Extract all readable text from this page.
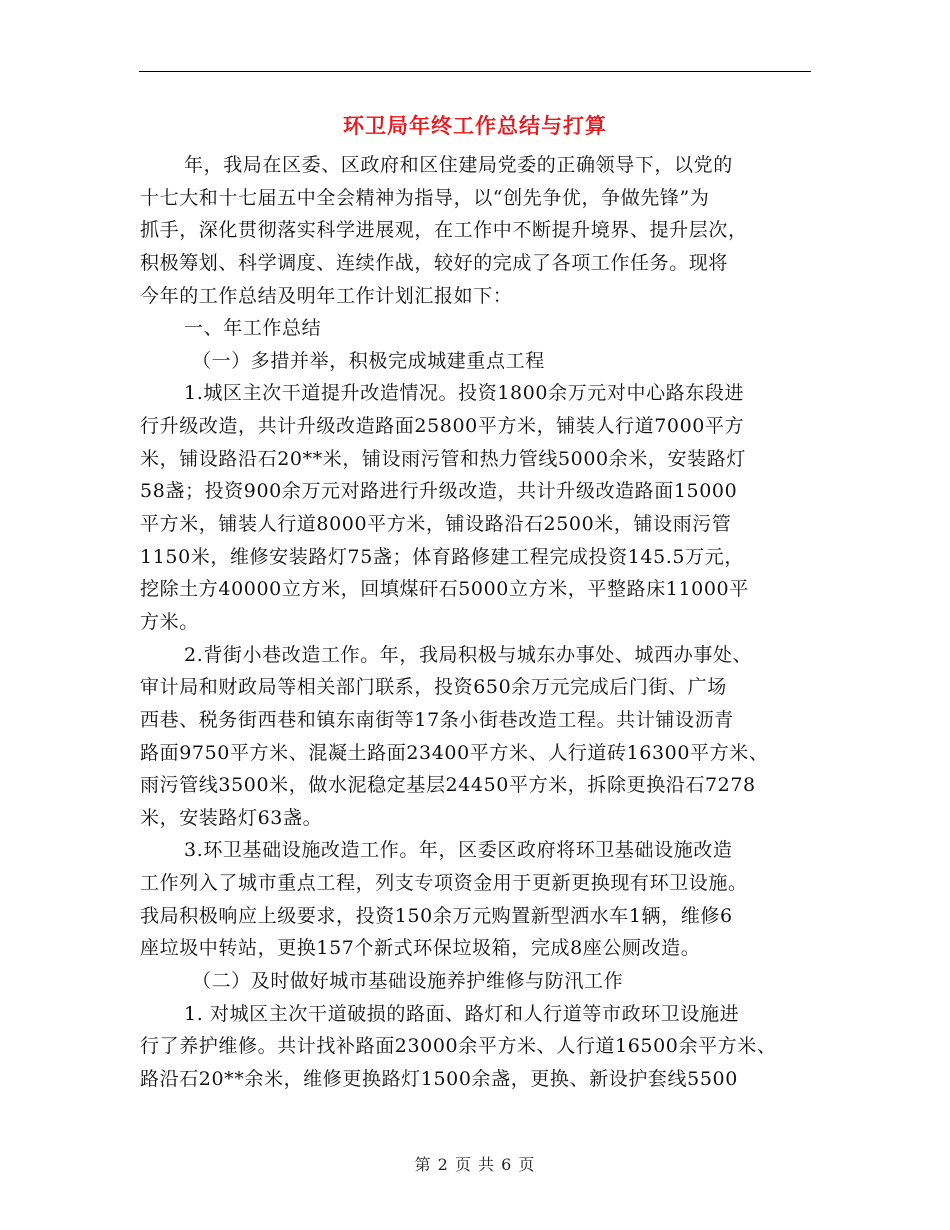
环卫局年终工作总结与打算
年，我局在区委、区政府和区住建局党委的正确领导下，以党的
十七大和十七届五中全会精神为指导，以“创先争优，争做先锋”为
抓手，深化贯彻落实科学进展观，在工作中不断提升境界、提升层次，
积极筹划、科学调度、连续作战，较好的完成了各项工作任务。现将
今年的工作总结及明年工作计划汇报如下：
一、年工作总结
（一）多措并举，积极完成城建重点工程
1.城区主次干道提升改造情况。投资1800余万元对中心路东段进
行升级改造，共计升级改造路面25800平方米，铺装人行道7000平方
米，铺设路沿石20**米，铺设雨污管和热力管线5000余米，安装路灯
58盏；投资900余万元对路进行升级改造，共计升级改造路面15000
平方米，铺装人行道8000平方米，铺设路沿石2500米，铺设雨污管
1150米，维修安装路灯75盏；体育路修建工程完成投资145.5万元，
挖除土方40000立方米，回填煤矸石5000立方米，平整路床11000平
方米。
2.背街小巷改造工作。年，我局积极与城东办事处、城西办事处、
审计局和财政局等相关部门联系，投资650余万元完成后门街、广场
西巷、税务街西巷和镇东南街等17条小街巷改造工程。共计铺设沥青
路面9750平方米、混凝土路面23400平方米、人行道砖16300平方米、
雨污管线3500米，做水泥稳定基层24450平方米，拆除更换沿石7278
米，安装路灯63盏。
3.环卫基础设施改造工作。年，区委区政府将环卫基础设施改造
工作列入了城市重点工程，列支专项资金用于更新更换现有环卫设施。
我局积极响应上级要求，投资150余万元购置新型洒水车1辆，维修6
座垃圾中转站，更换157个新式环保垃圾箱，完成8座公厕改造。
（二）及时做好城市基础设施养护维修与防汛工作
1. 对城区主次干道破损的路面、路灯和人行道等市政环卫设施进
行了养护维修。共计找补路面23000余平方米、人行道16500余平方米、
路沿石20**余米，维修更换路灯1500余盏，更换、新设护套线5500
第 2 页 共 6 页
